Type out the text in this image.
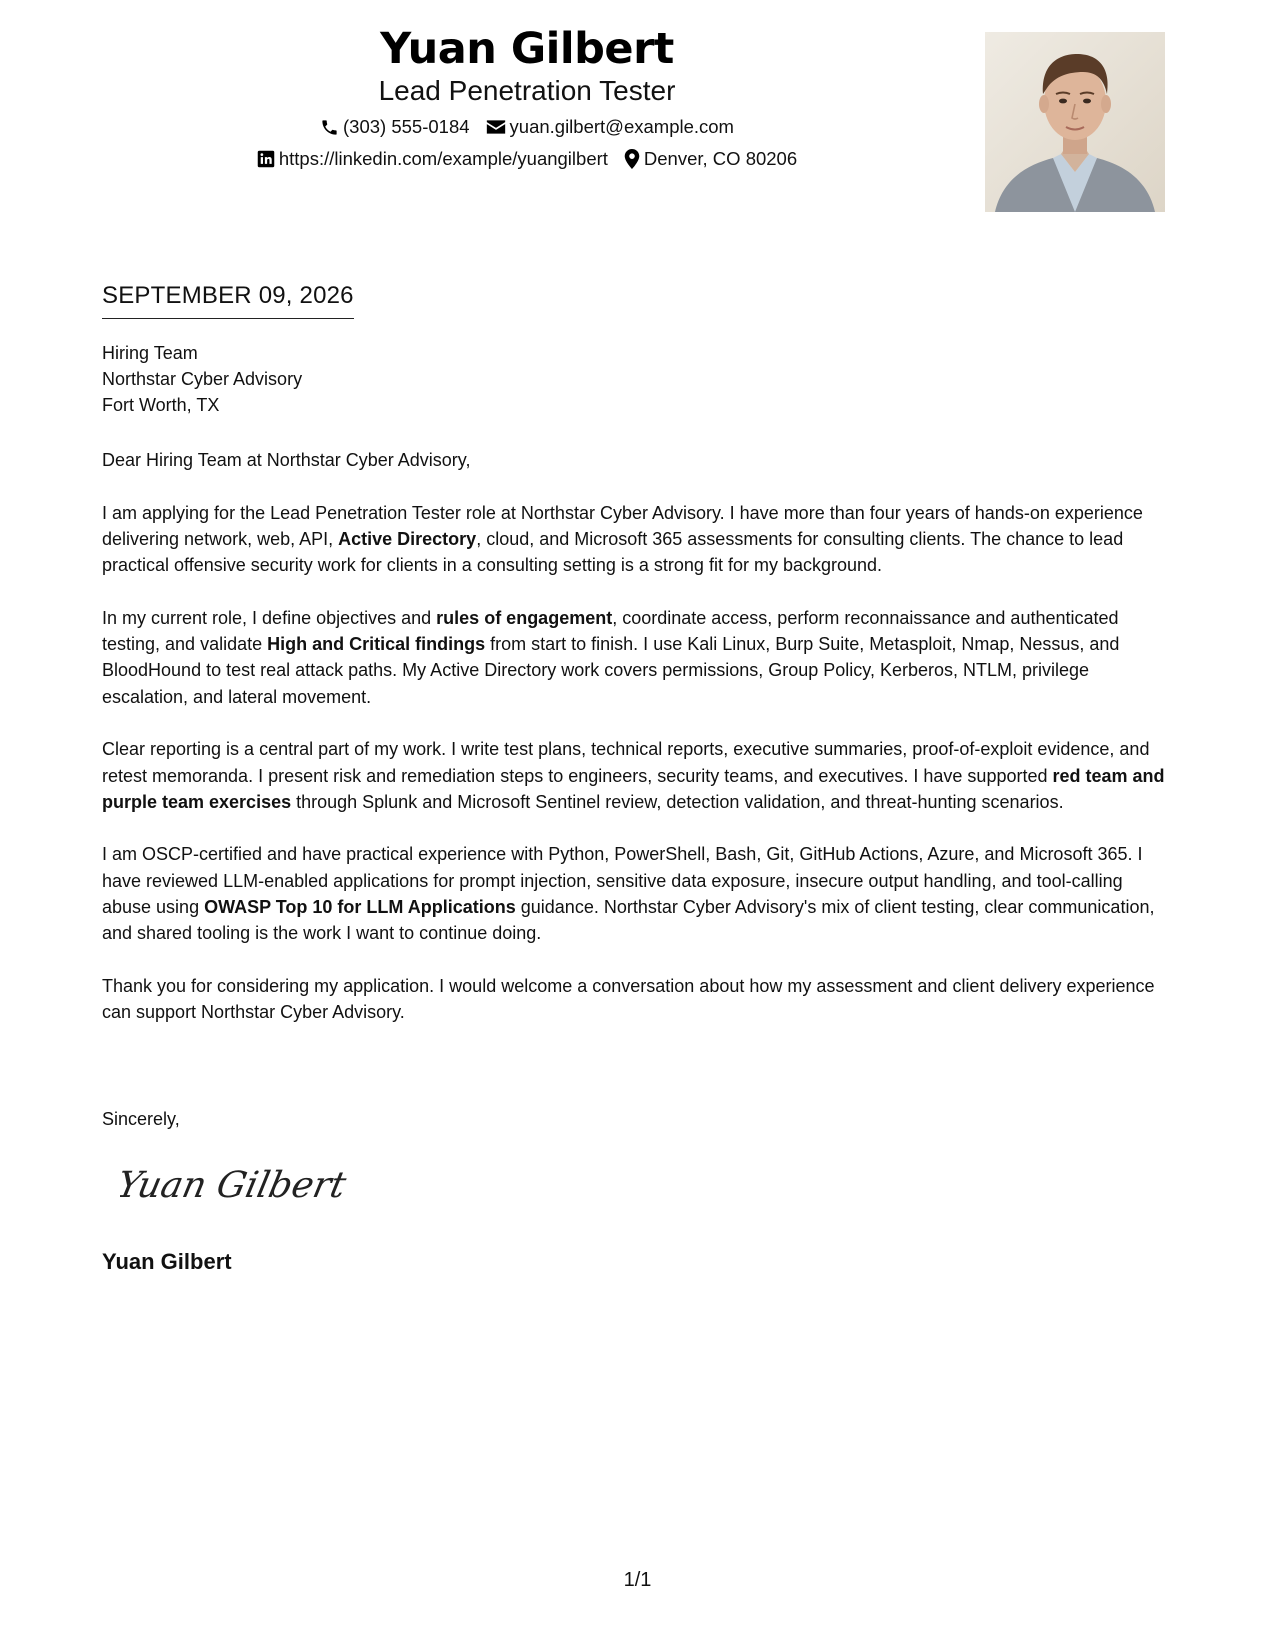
Yuan Gilbert
Lead Penetration Tester
(303) 555-0184 yuan.gilbert@example.com
https://linkedin.com/example/yuangilbert Denver, CO 80206
SEPTEMBER 09, 2026
Hiring Team
Northstar Cyber Advisory
Fort Worth, TX

Dear Hiring Team at Northstar Cyber Advisory,

I am applying for the Lead Penetration Tester role at Northstar Cyber Advisory. I have more than four years of hands-on experience delivering network, web, API, Active Directory, cloud, and Microsoft 365 assessments for consulting clients. The chance to lead practical offensive security work for clients in a consulting setting is a strong fit for my background.

In my current role, I define objectives and rules of engagement, coordinate access, perform reconnaissance and authenticated testing, and validate High and Critical findings from start to finish. I use Kali Linux, Burp Suite, Metasploit, Nmap, Nessus, and BloodHound to test real attack paths. My Active Directory work covers permissions, Group Policy, Kerberos, NTLM, privilege escalation, and lateral movement.

Clear reporting is a central part of my work. I write test plans, technical reports, executive summaries, proof-of-exploit evidence, and retest memoranda. I present risk and remediation steps to engineers, security teams, and executives. I have supported red team and purple team exercises through Splunk and Microsoft Sentinel review, detection validation, and threat-hunting scenarios.

I am OSCP-certified and have practical experience with Python, PowerShell, Bash, Git, GitHub Actions, Azure, and Microsoft 365. I have reviewed LLM-enabled applications for prompt injection, sensitive data exposure, insecure output handling, and tool-calling abuse using OWASP Top 10 for LLM Applications guidance. Northstar Cyber Advisory's mix of client testing, clear communication, and shared tooling is the work I want to continue doing.

Thank you for considering my application. I would welcome a conversation about how my assessment and client delivery experience can support Northstar Cyber Advisory.

Sincerely,
Yuan Gilbert
Yuan Gilbert
1/1
